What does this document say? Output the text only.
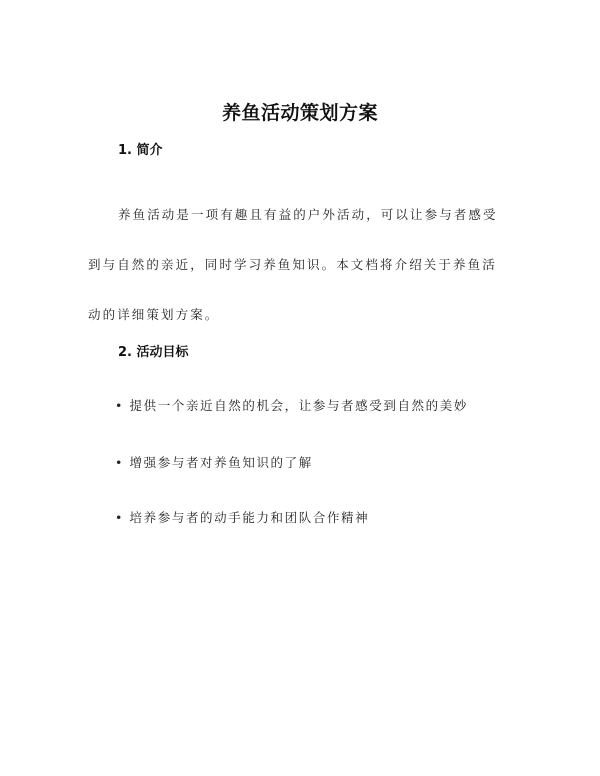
养鱼活动策划方案
1. 简介

养鱼活动是一项有趣且有益的户外活动，可以让参与者感受到与自然的亲近，同时学习养鱼知识。本文档将介绍关于养鱼活动的详细策划方案。

2. 活动目标
• 提供一个亲近自然的机会，让参与者感受到自然的美妙
• 增强参与者对养鱼知识的了解
• 培养参与者的动手能力和团队合作精神
